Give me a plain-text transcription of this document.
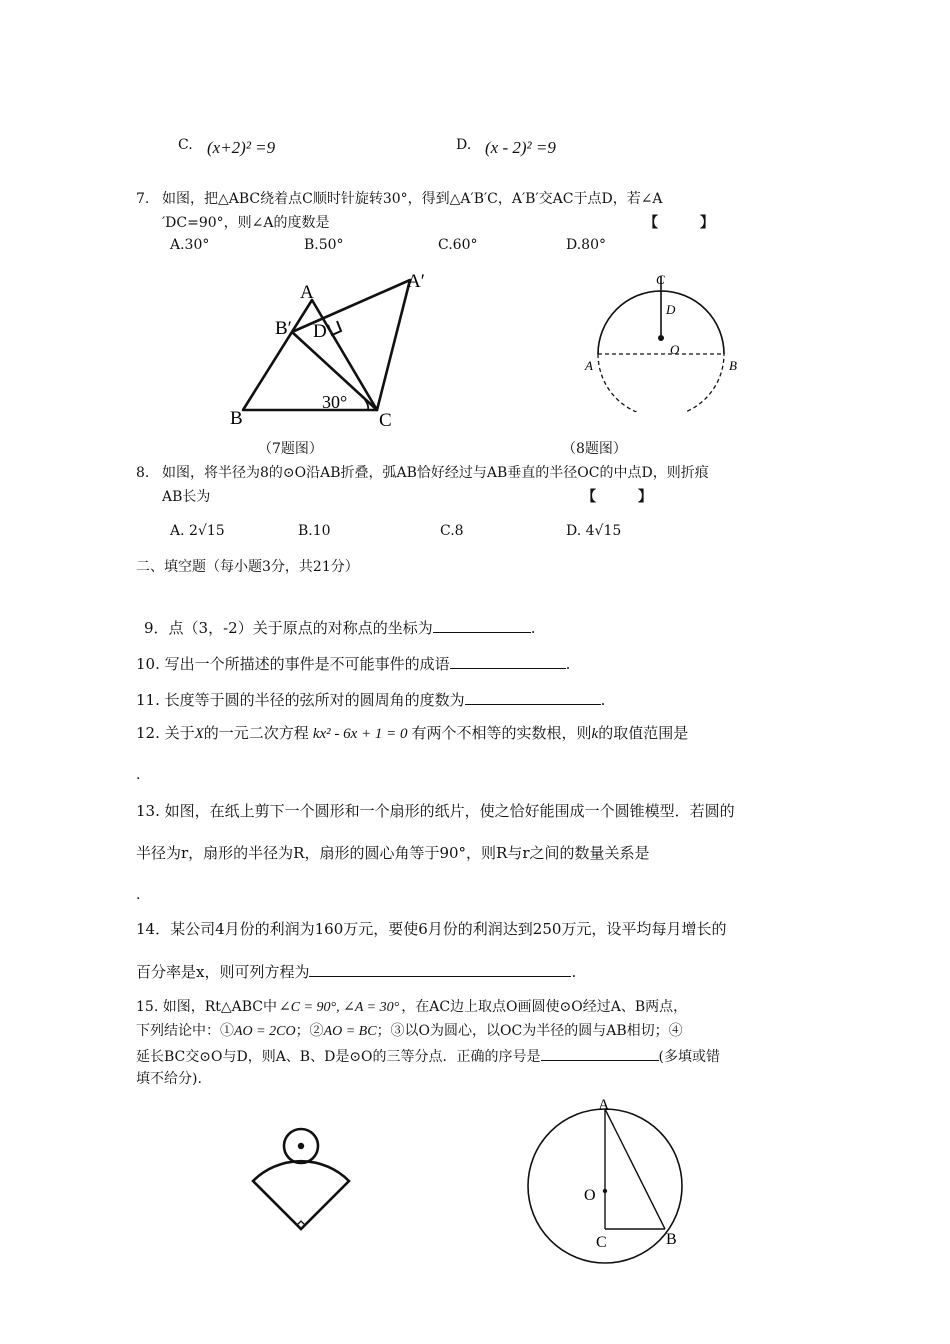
C. (x+2)² =9	D. (x - 2)² =9
7. 如图，把△ABC绕着点C顺时针旋转30°，得到△A′B′C，A′B′交AC于点D，若∠A
′DC=90°，则∠A的度数是	【　　　】
A.30°	B.50°	C.60°	D.80°
A
A′
B′ D
B	C
30°
（7题图）
C
D
O
A	B
（8题图）
8. 如图，将半径为8的⊙O沿AB折叠，弧AB恰好经过与AB垂直的半径OC的中点D，则折痕
AB长为	【　　　】
A. 2√15	B.10	C.8	D. 4√15
二、填空题（每小题3分，共21分）
9．点（3，-2）关于原点的对称点的坐标为	.
10. 写出一个所描述的事件是不可能事件的成语	.
11. 长度等于圆的半径的弦所对的圆周角的度数为	.
12. 关于X的一元二次方程 kx² - 6x + 1 = 0 有两个不相等的实数根，则k的取值范围是
.
13. 如图，在纸上剪下一个圆形和一个扇形的纸片，使之恰好能围成一个圆锥模型．若圆的
半径为r，扇形的半径为R，扇形的圆心角等于90°，则R与r之间的数量关系是
.
14．某公司4月份的利润为160万元，要使6月份的利润达到250万元，设平均每月增长的
百分率是x，则可列方程为	.
15. 如图，Rt△ABC中 ∠C = 90°, ∠A = 30° ，在AC边上取点O画圆使⊙O经过A、B两点，
下列结论中：①AO = 2CO；②AO = BC；③以O为圆心，以OC为半径的圆与AB相切；④
延长BC交⊙O与D，则A、B、D是⊙O的三等分点．正确的序号是	(多填或错
填不给分).
A
O
C	B
